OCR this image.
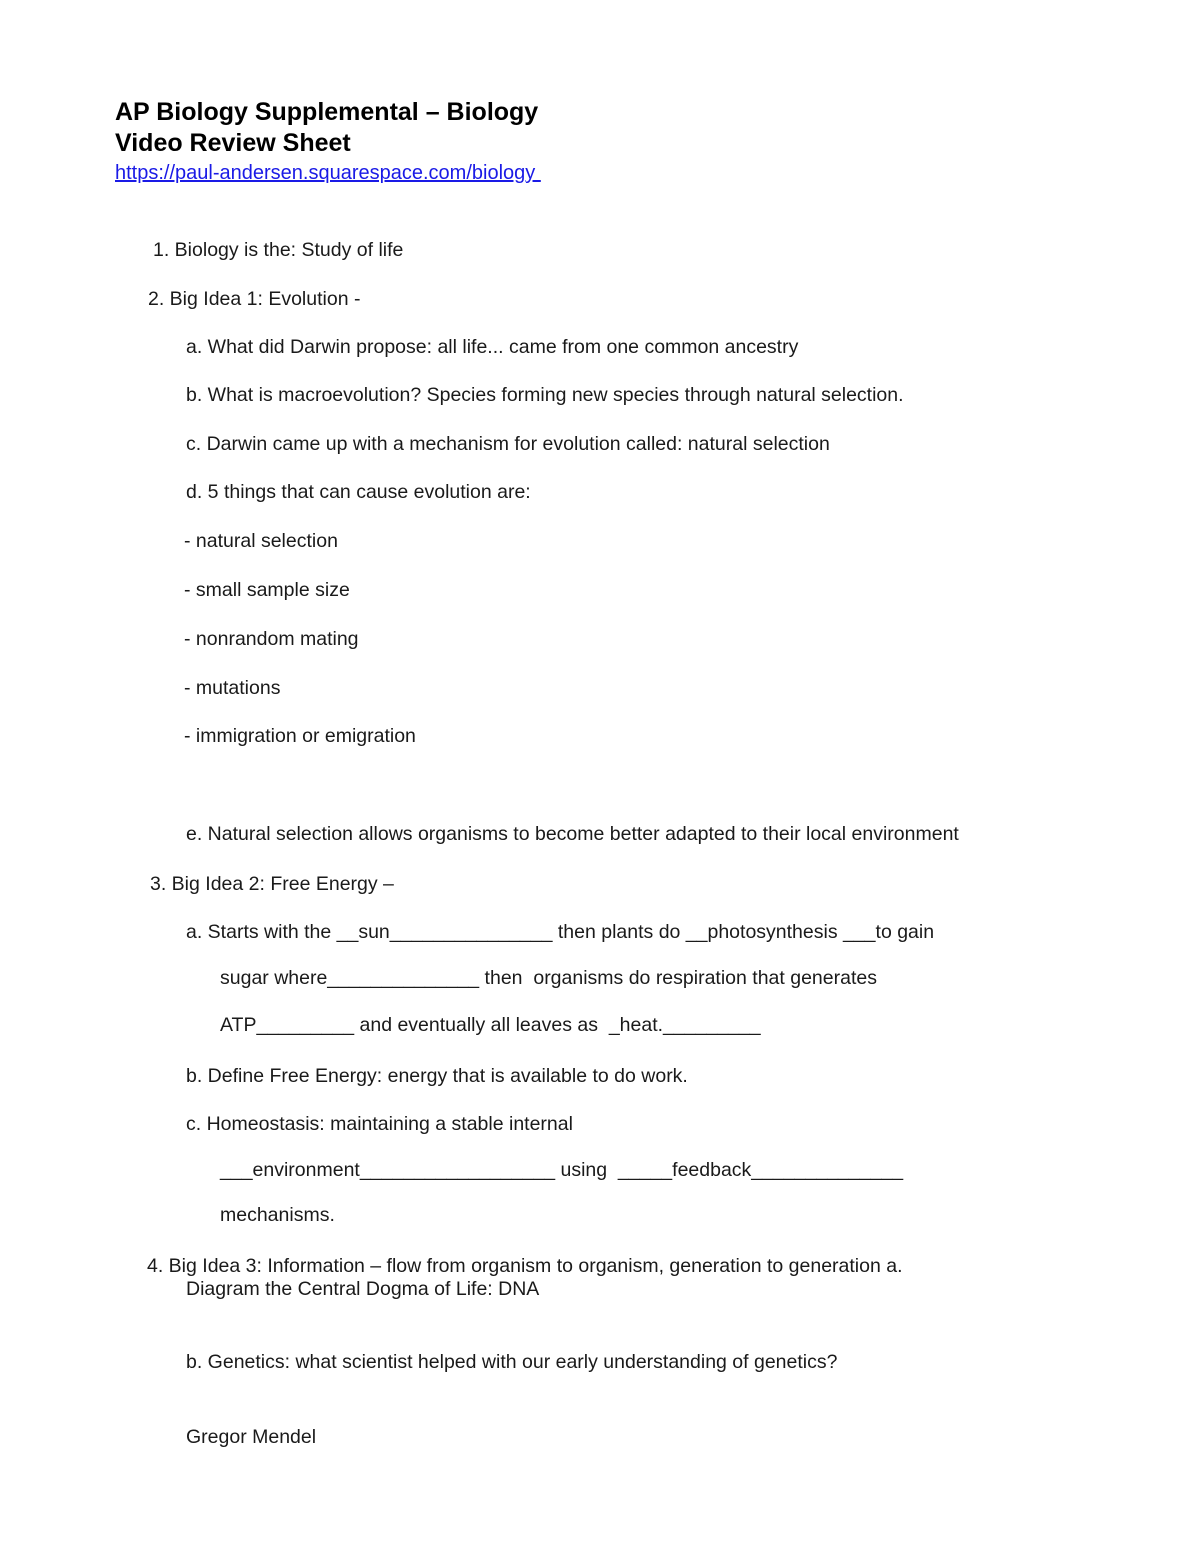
AP Biology Supplemental – Biology
Video Review Sheet
https://paul-andersen.squarespace.com/biology
1. Biology is the: Study of life
2. Big Idea 1: Evolution -
a. What did Darwin propose: all life... came from one common ancestry
b. What is macroevolution? Species forming new species through natural selection.
c. Darwin came up with a mechanism for evolution called: natural selection
d. 5 things that can cause evolution are:
- natural selection
- small sample size
- nonrandom mating
- mutations
- immigration or emigration
e. Natural selection allows organisms to become better adapted to their local environment
3. Big Idea 2: Free Energy –
a. Starts with the __sun_______________ then plants do __photosynthesis ___to gain
sugar where______________ then  organisms do respiration that generates
ATP_________ and eventually all leaves as  _heat._________
b. Define Free Energy: energy that is available to do work.
c. Homeostasis: maintaining a stable internal
___environment__________________ using  _____feedback______________
mechanisms.
4. Big Idea 3: Information – flow from organism to organism, generation to generation a.
Diagram the Central Dogma of Life: DNA
b. Genetics: what scientist helped with our early understanding of genetics?
Gregor Mendel
